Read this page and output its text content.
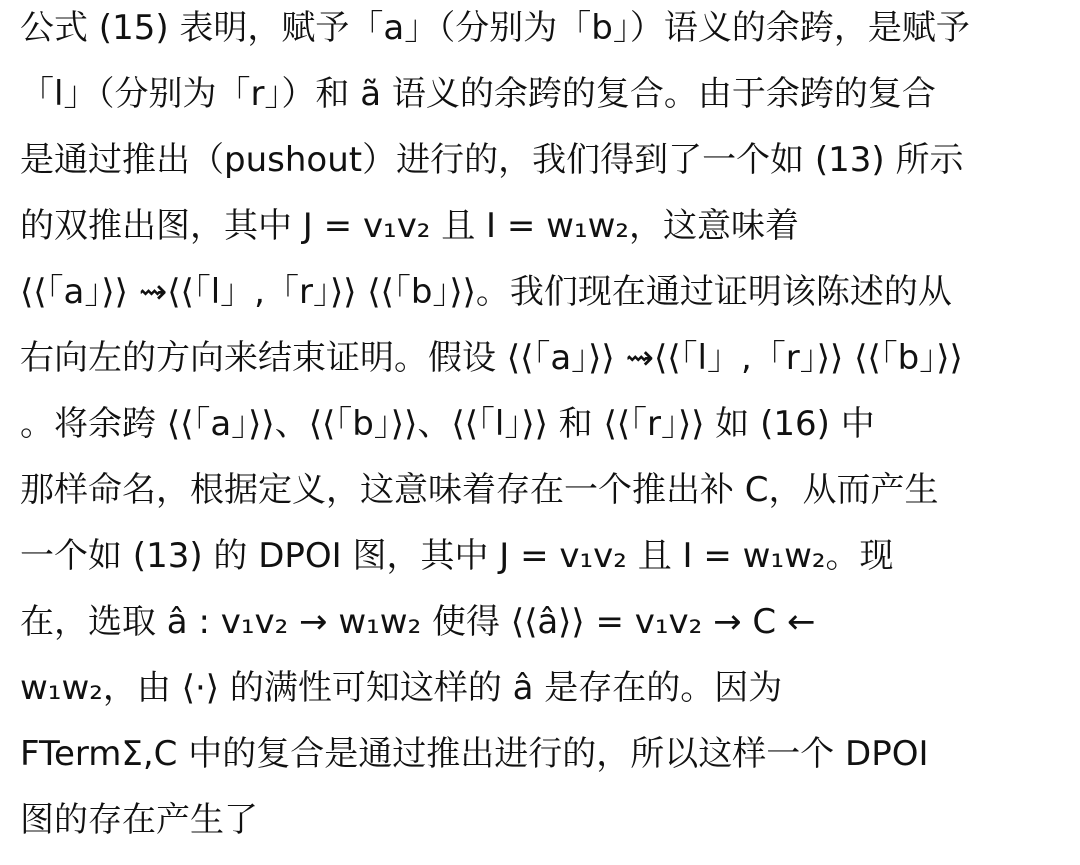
公式 (15) 表明，赋予「a」（分别为「b」）语义的余跨，是赋予
「l」（分别为「r」）和 ã 语义的余跨的复合。由于余跨的复合
是通过推出（pushout）进行的，我们得到了一个如 (13) 所示
的双推出图，其中 J = v₁v₂ 且 I = w₁w₂，这意味着
⟨⟨「a」⟩⟩ ⇝⟨⟨「l」,「r」⟩⟩ ⟨⟨「b」⟩⟩。我们现在通过证明该陈述的从
右向左的方向来结束证明。假设 ⟨⟨「a」⟩⟩ ⇝⟨⟨「l」,「r」⟩⟩ ⟨⟨「b」⟩⟩
。将余跨 ⟨⟨「a」⟩⟩、⟨⟨「b」⟩⟩、⟨⟨「l」⟩⟩ 和 ⟨⟨「r」⟩⟩ 如 (16) 中
那样命名，根据定义，这意味着存在一个推出补 C，从而产生
一个如 (13) 的 DPOI 图，其中 J = v₁v₂ 且 I = w₁w₂。现
在，选取 â : v₁v₂ → w₁w₂ 使得 ⟨⟨â⟩⟩ = v₁v₂ → C ←
w₁w₂，由 ⟨·⟩ 的满性可知这样的 â 是存在的。因为
FTermΣ,C 中的复合是通过推出进行的，所以这样一个 DPOI
图的存在产生了
